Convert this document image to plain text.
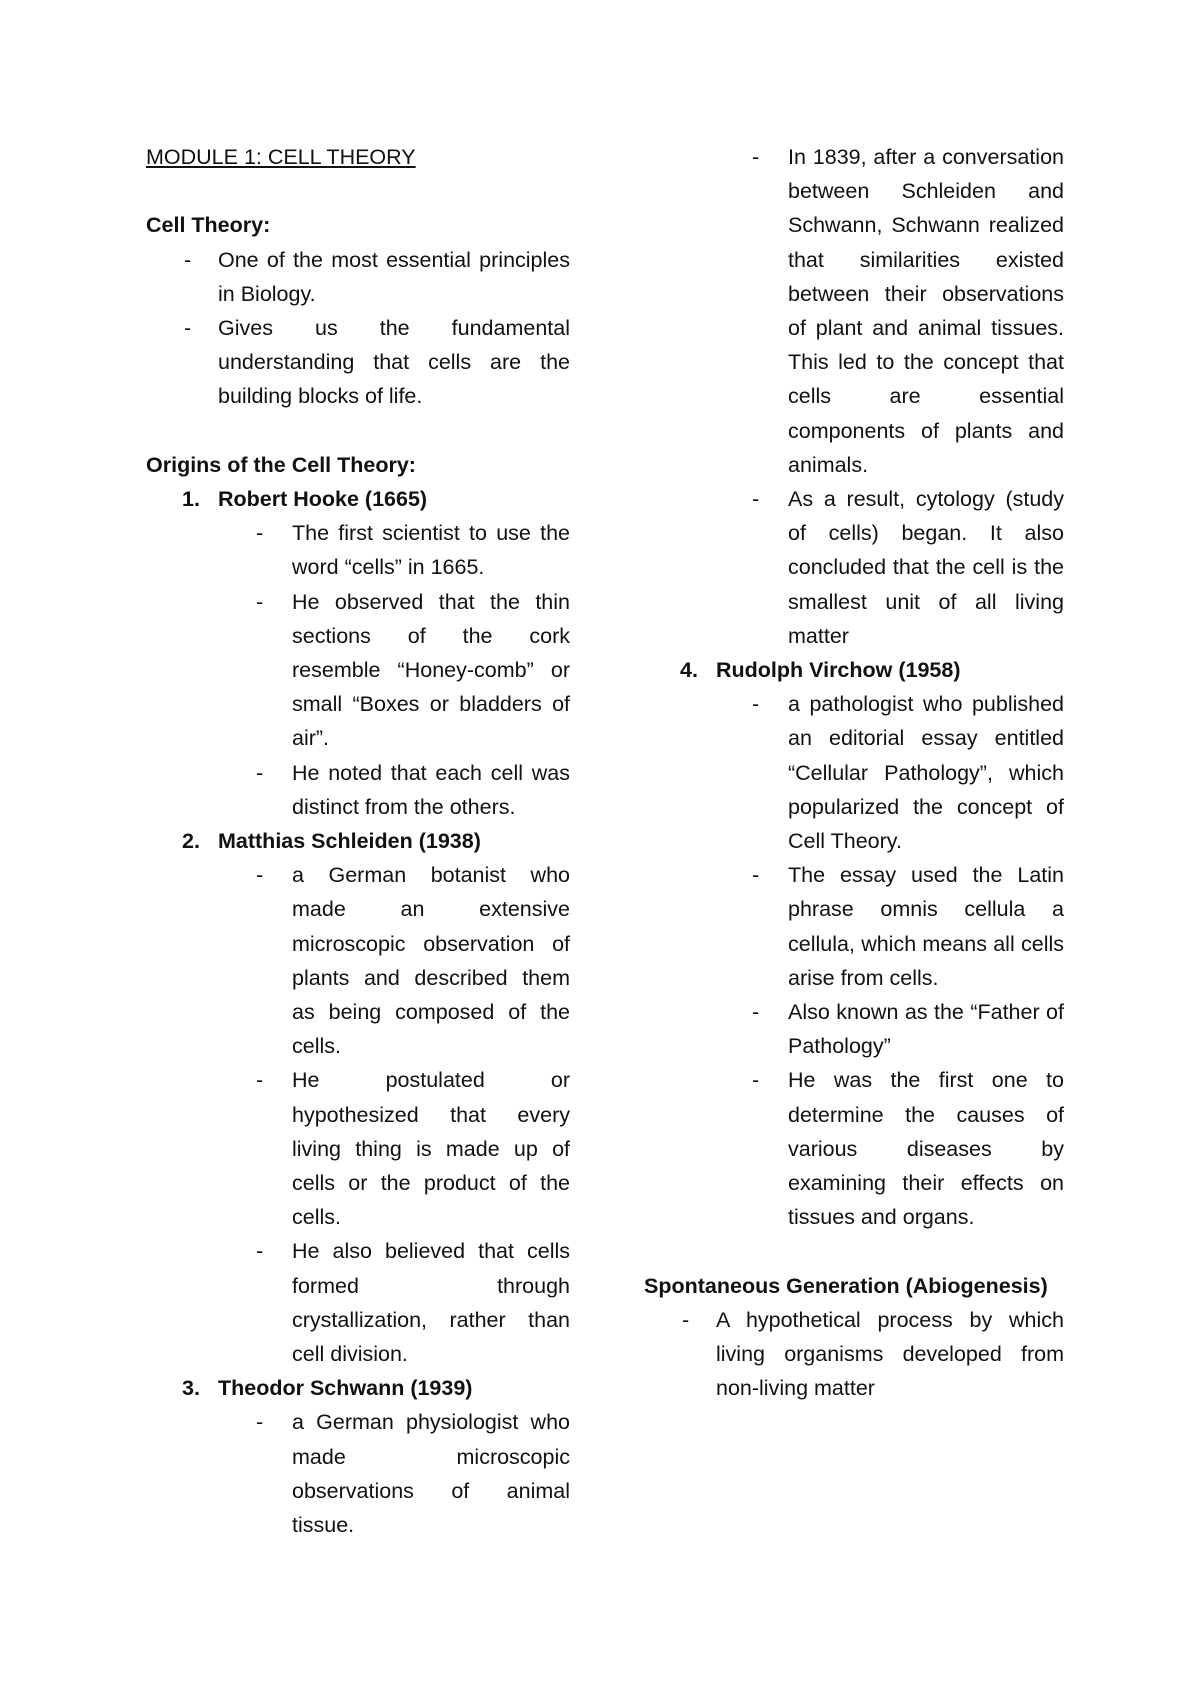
MODULE 1: CELL THEORY
Cell Theory:
- One of the most essential principles in Biology.
- Gives us the fundamental understanding that cells are the building blocks of life.
Origins of the Cell Theory:
1. Robert Hooke (1665)
- The first scientist to use the word “cells” in 1665.
- He observed that the thin sections of the cork resemble “Honey-comb” or small “Boxes or bladders of air”.
- He noted that each cell was distinct from the others.
2. Matthias Schleiden (1938)
- a German botanist who made an extensive microscopic observation of plants and described them as being composed of the cells.
- He postulated or hypothesized that every living thing is made up of cells or the product of the cells.
- He also believed that cells formed through crystallization, rather than cell division.
3. Theodor Schwann (1939)
- a German physiologist who made microscopic observations of animal tissue.
- In 1839, after a conversation between Schleiden and Schwann, Schwann realized that similarities existed between their observations of plant and animal tissues. This led to the concept that cells are essential components of plants and animals.
- As a result, cytology (study of cells) began. It also concluded that the cell is the smallest unit of all living matter
4. Rudolph Virchow (1958)
- a pathologist who published an editorial essay entitled “Cellular Pathology”, which popularized the concept of Cell Theory.
- The essay used the Latin phrase omnis cellula a cellula, which means all cells arise from cells.
- Also known as the “Father of Pathology”
- He was the first one to determine the causes of various diseases by examining their effects on tissues and organs.
Spontaneous Generation (Abiogenesis)
- A hypothetical process by which living organisms developed from non-living matter
